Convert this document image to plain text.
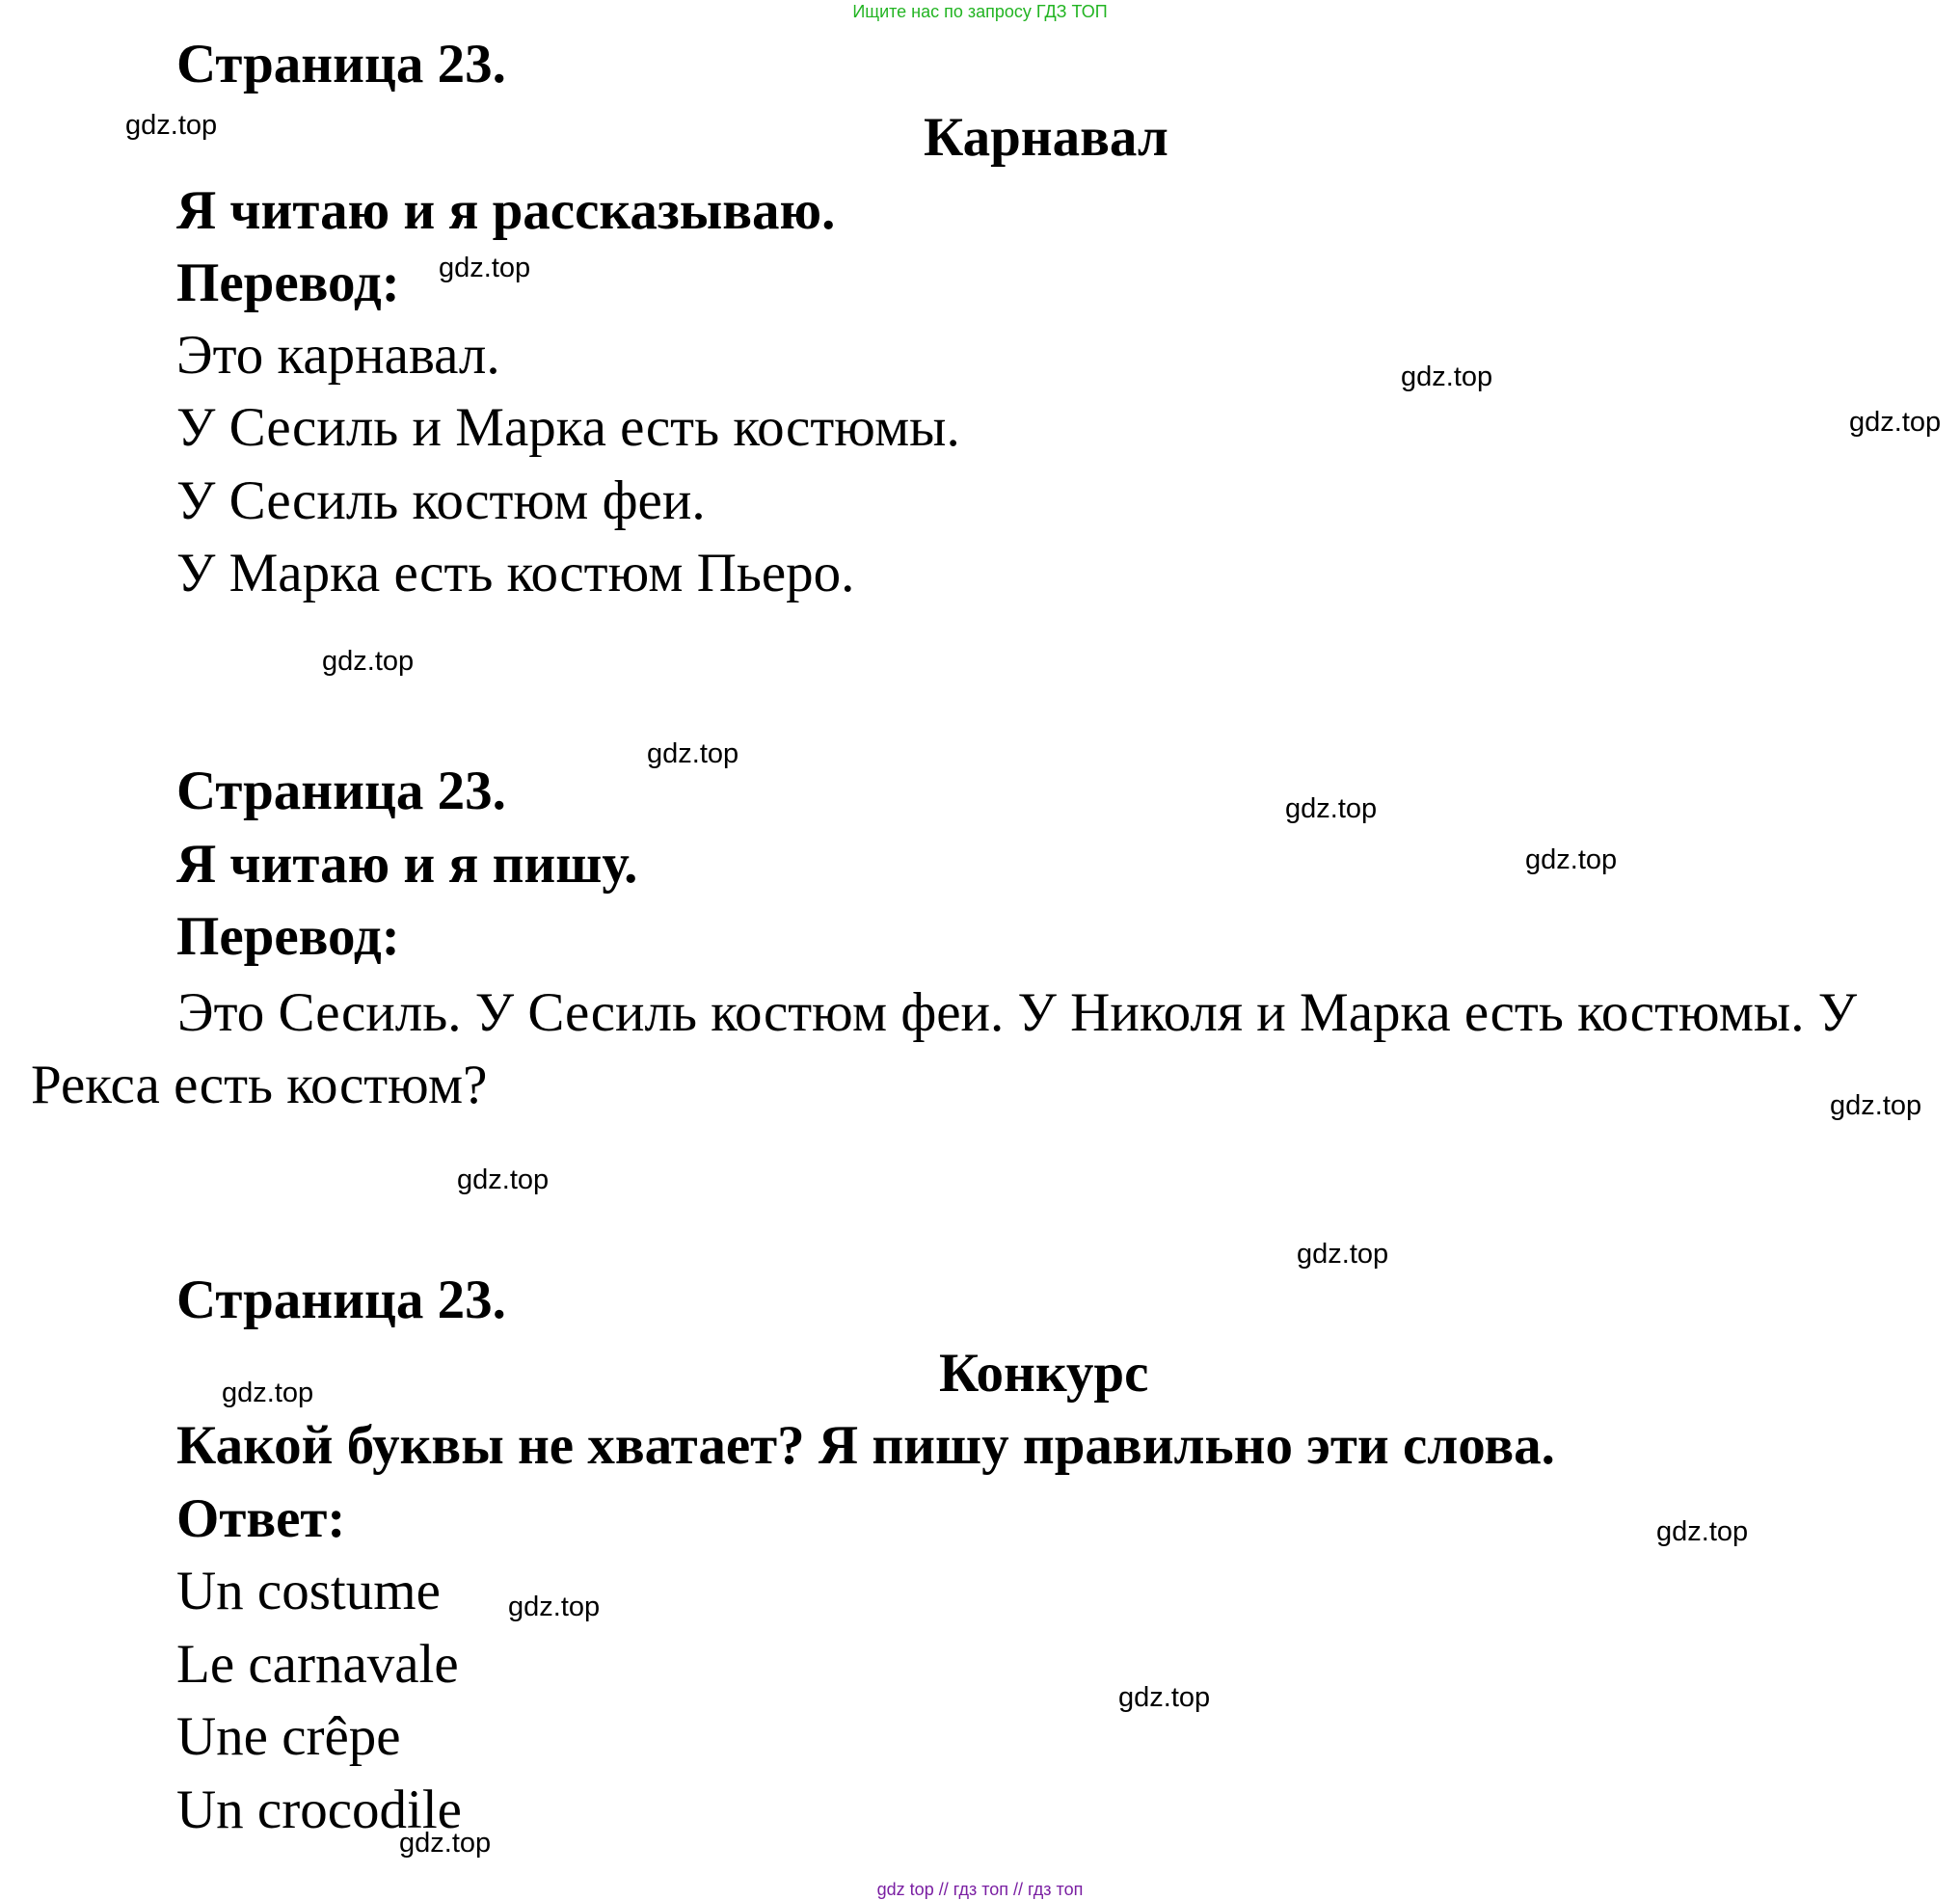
Ищите нас по запросу ГДЗ ТОП
Страница 23.
Карнавал
Я читаю и я рассказываю.
Перевод:
Это карнавал.
У Сесиль и Марка есть костюмы.
У Сесиль костюм феи.
У Марка есть костюм Пьеро.
Страница 23.
Я читаю и я пишу.
Перевод:
Это Сесиль. У Сесиль костюм феи. У Николя и Марка есть костюмы. У Рекса есть костюм?
Страница 23.
Конкурс
Какой буквы не хватает? Я пишу правильно эти слова.
Ответ:
Un costume
Le carnavale
Une crêpe
Un crocodile
gdz.top
gdz.top
gdz.top
gdz.top
gdz.top
gdz.top
gdz.top
gdz.top
gdz.top
gdz.top
gdz.top
gdz.top
gdz.top
gdz.top
gdz.top
gdz.top
gdz top // гдз топ // гдз топ
